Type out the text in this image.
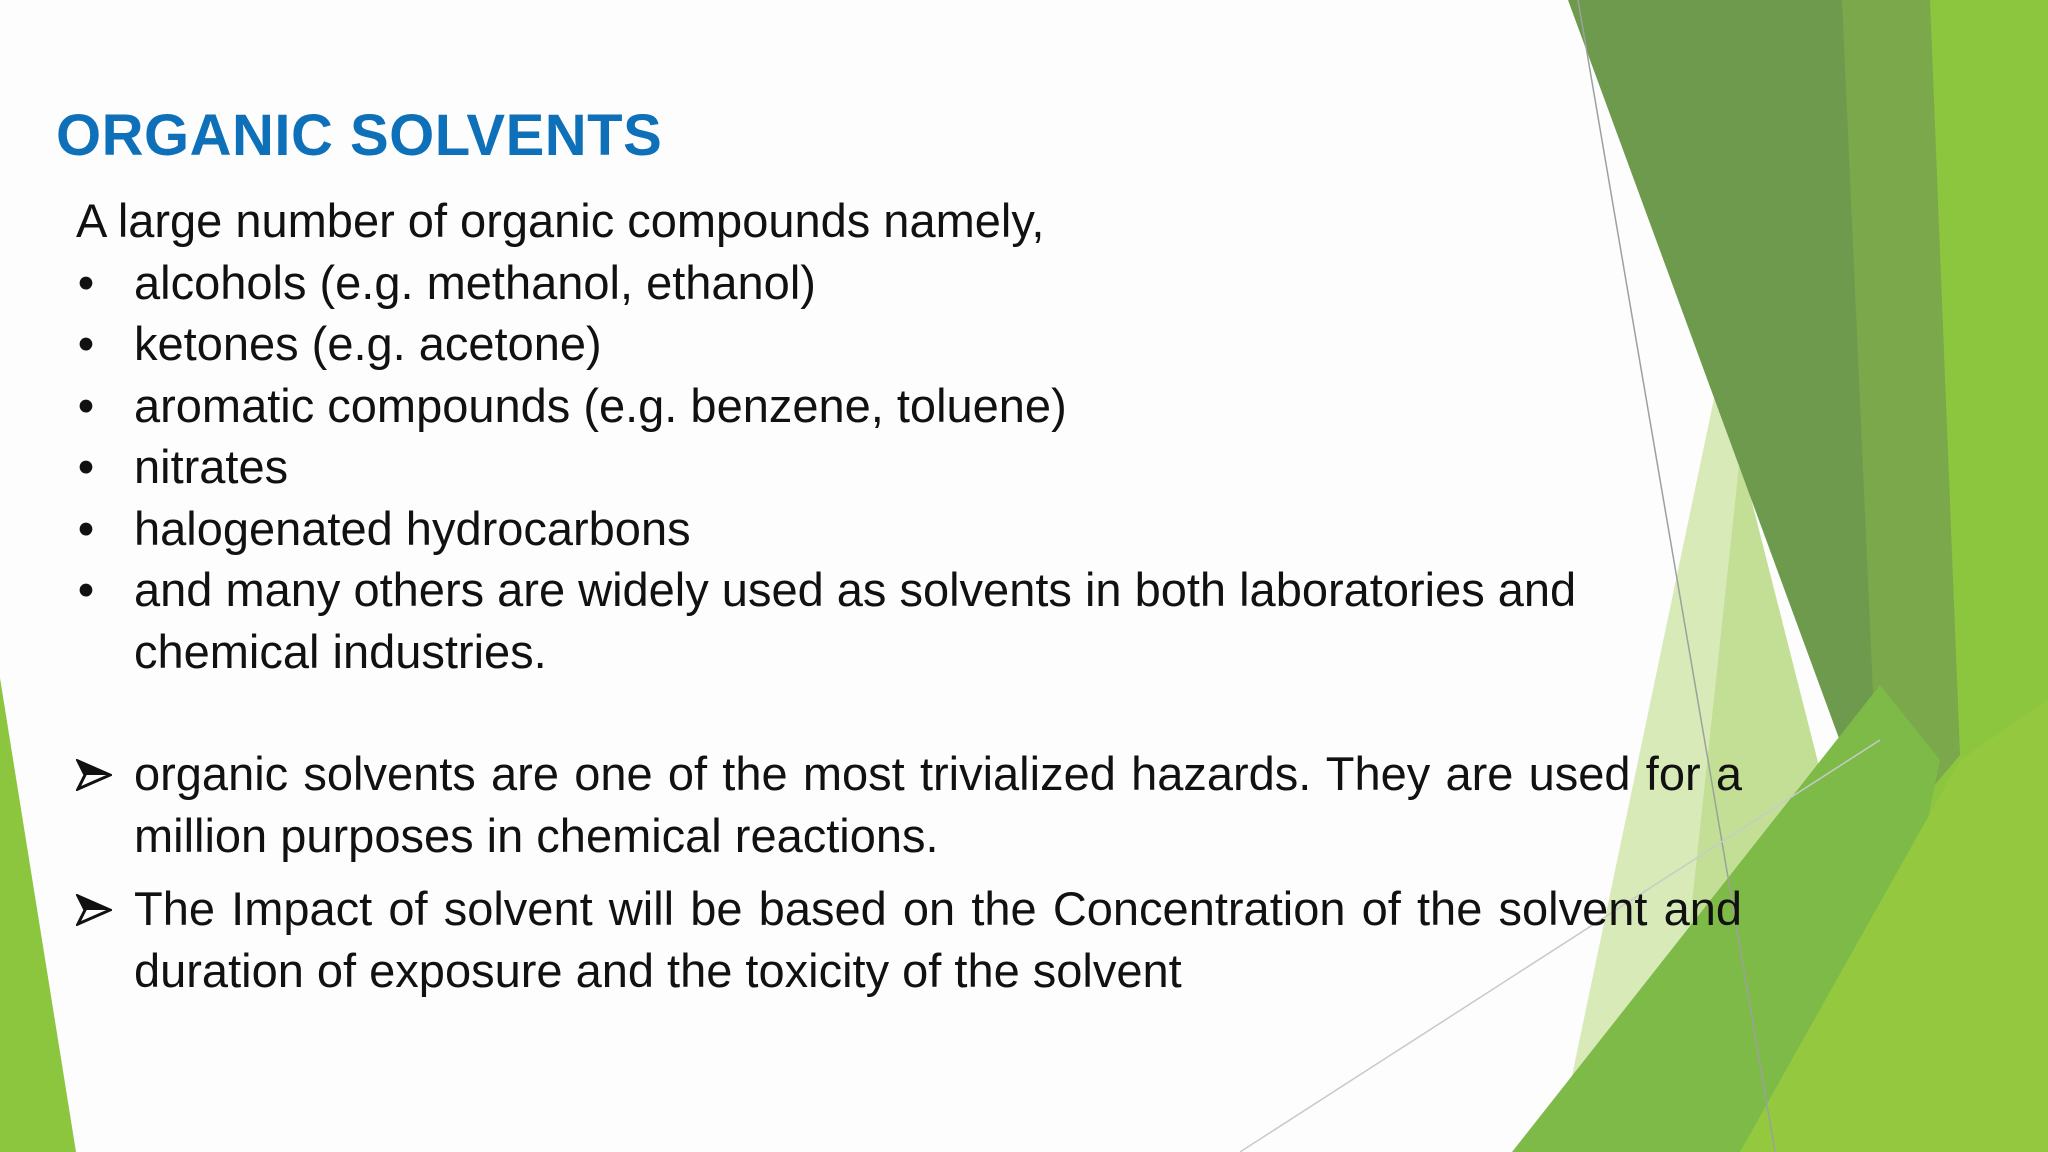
ORGANIC SOLVENTS

A large number of organic compounds namely,

• alcohols (e.g. methanol, ethanol)
• ketones (e.g. acetone)
• aromatic compounds (e.g. benzene, toluene)
• nitrates
• halogenated hydrocarbons
• and many others are widely used as solvents in both laboratories and chemical industries.
organic solvents are one of the most trivialized hazards. They are used for a million purposes in chemical reactions.
The Impact of solvent will be based on the Concentration of the solvent and duration of exposure and the toxicity of the solvent
